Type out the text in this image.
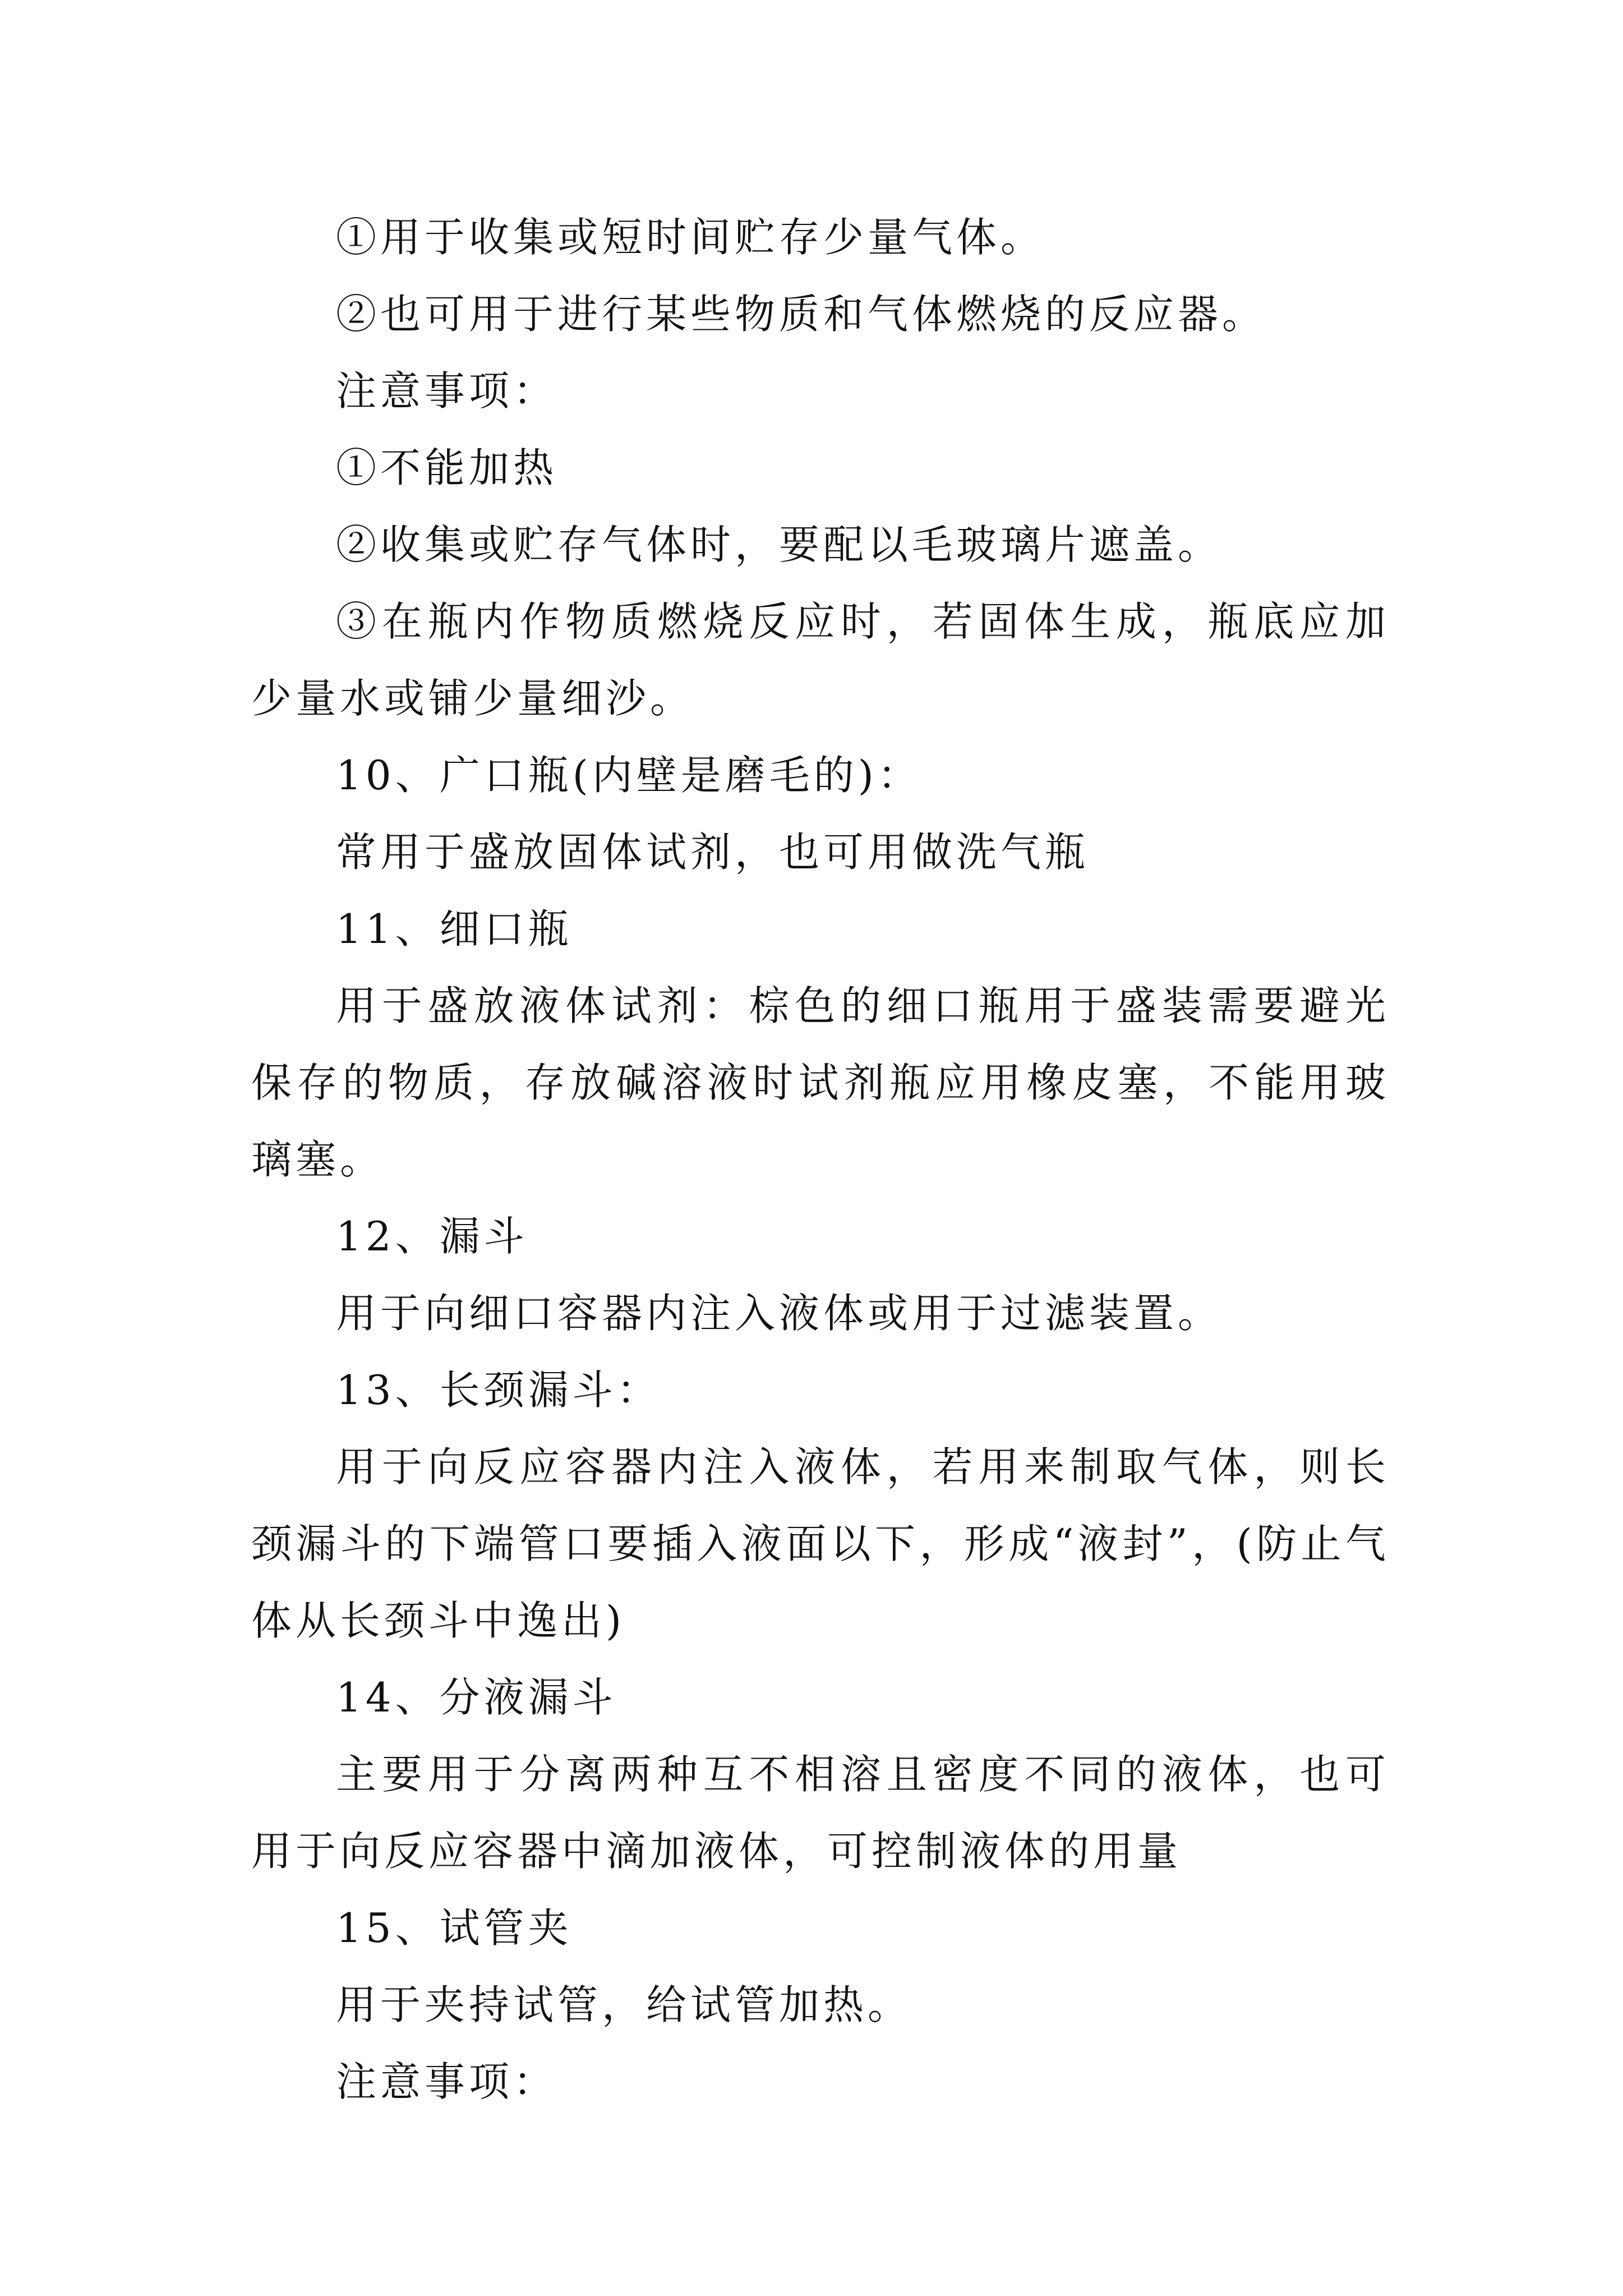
①用于收集或短时间贮存少量气体。

②也可用于进行某些物质和气体燃烧的反应器。

注意事项：

①不能加热

②收集或贮存气体时，要配以毛玻璃片遮盖。

③在瓶内作物质燃烧反应时，若固体生成，瓶底应加少量水或铺少量细沙。

10、广口瓶(内壁是磨毛的)：

常用于盛放固体试剂，也可用做洗气瓶

11、细口瓶

用于盛放液体试剂：棕色的细口瓶用于盛装需要避光保存的物质，存放碱溶液时试剂瓶应用橡皮塞，不能用玻璃塞。

12、漏斗

用于向细口容器内注入液体或用于过滤装置。

13、长颈漏斗：

用于向反应容器内注入液体，若用来制取气体，则长颈漏斗的下端管口要插入液面以下，形成“液封”，(防止气体从长颈斗中逸出)

14、分液漏斗

主要用于分离两种互不相溶且密度不同的液体，也可用于向反应容器中滴加液体，可控制液体的用量

15、试管夹

用于夹持试管，给试管加热。

注意事项：
